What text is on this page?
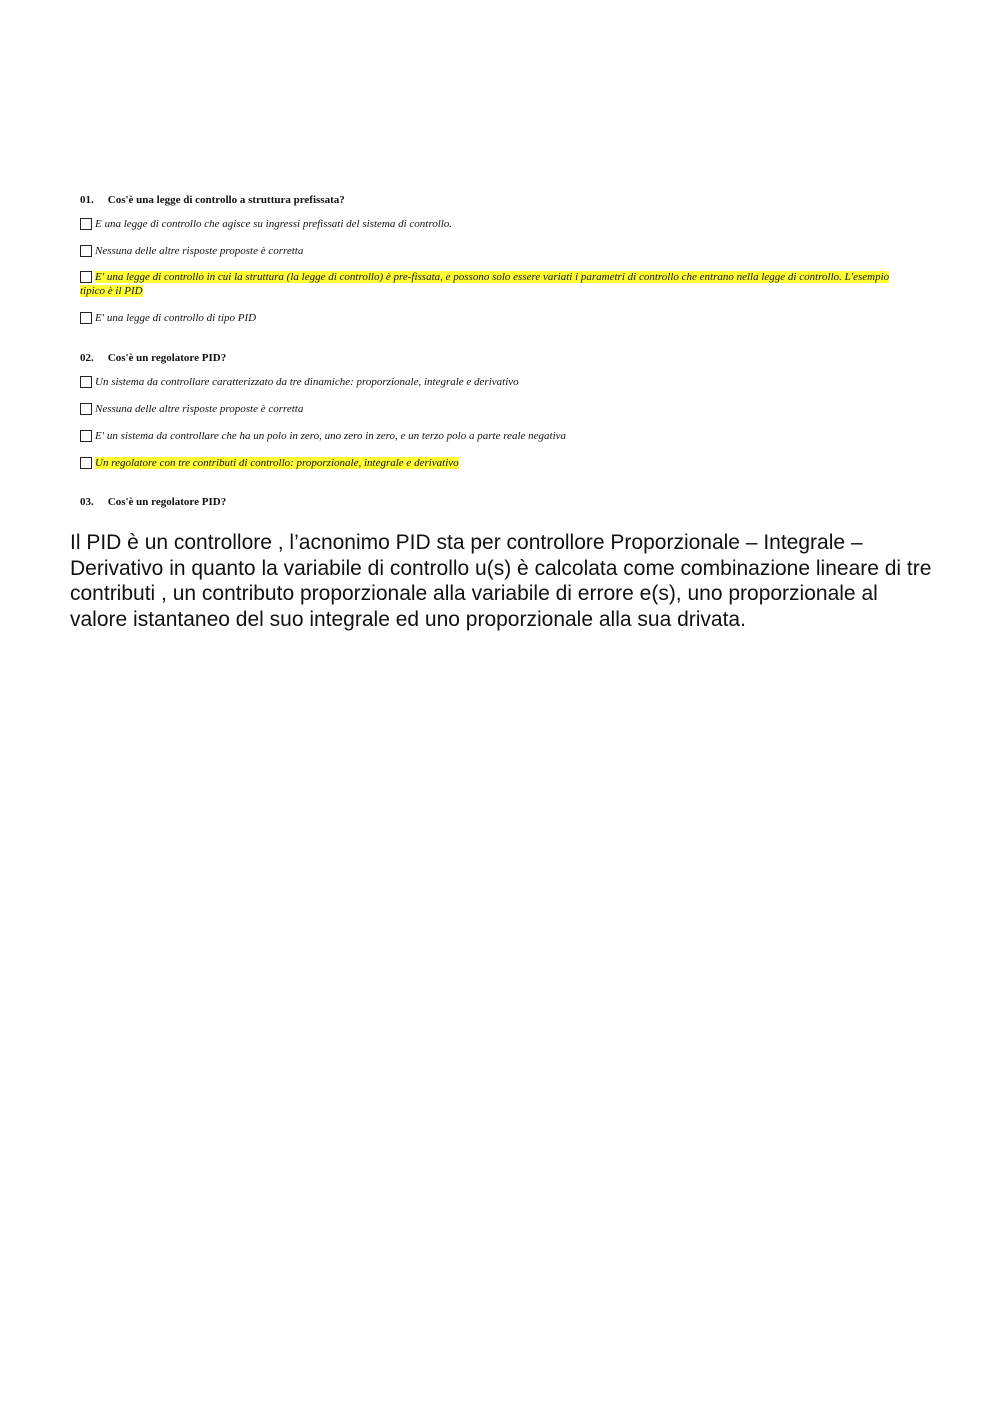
01. Cos'è una legge di controllo a struttura prefissata?
E una legge di controllo che agisce su ingressi prefissati del sistema di controllo.
Nessuna delle altre risposte proposte è corretta
E' una legge di controllo in cui la struttura (la legge di controllo) è pre-fissata, e possono solo essere variati i parametri di controllo che entrano nella legge di controllo. L'esempio tipico è il PID
E' una legge di controllo di tipo PID
02. Cos'è un regolatore PID?
Un sistema da controllare caratterizzato da tre dinamiche: proporzionale, integrale e derivativo
Nessuna delle altre risposte proposte è corretta
E' un sistema da controllare che ha un polo in zero, uno zero in zero, e un terzo polo a parte reale negativa
Un regolatore con tre contributi di controllo: proporzionale, integrale e derivativo
03. Cos'è un regolatore PID?
Il PID è un controllore , l’acnonimo PID sta per controllore Proporzionale – Integrale – Derivativo in quanto la variabile di controllo u(s) è calcolata come combinazione lineare di tre contributi , un contributo proporzionale alla variabile di errore e(s), uno proporzionale al valore istantaneo del suo integrale ed uno proporzionale alla sua drivata.
